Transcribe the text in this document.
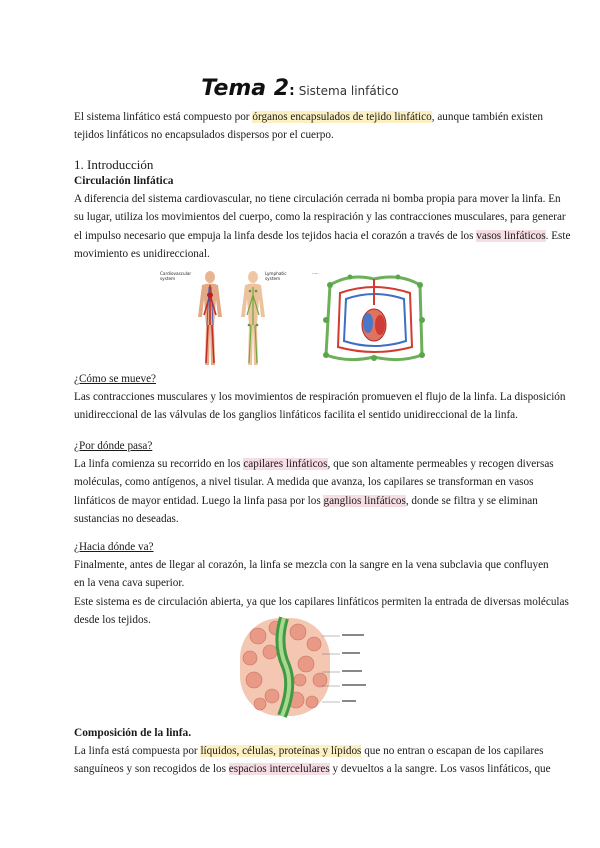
Tema 2: Sistema linfático
El sistema linfático está compuesto por órganos encapsulados de tejido linfático, aunque también existen
tejidos linfáticos no encapsulados dispersos por el cuerpo.
1. Introducción
Circulación linfática
A diferencia del sistema cardiovascular, no tiene circulación cerrada ni bomba propia para mover la linfa. En
su lugar, utiliza los movimientos del cuerpo, como la respiración y las contracciones musculares, para generar
el impulso necesario que empuja la linfa desde los tejidos hacia el corazón a través de los vasos linfáticos. Este
movimiento es unidireccional.
Cardiovascular
system
Lymphatic
system
·····
¿Cómo se mueve?
Las contracciones musculares y los movimientos de respiración promueven el flujo de la linfa. La disposición
unidireccional de las válvulas de los ganglios linfáticos facilita el sentido unidireccional de la linfa.
¿Por dónde pasa?
La linfa comienza su recorrido en los capilares linfáticos, que son altamente permeables y recogen diversas
moléculas, como antígenos, a nivel tisular. A medida que avanza, los capilares se transforman en vasos
linfáticos de mayor entidad. Luego la linfa pasa por los ganglios linfáticos, donde se filtra y se eliminan
sustancias no deseadas.
¿Hacia dónde va?
Finalmente, antes de llegar al corazón, la linfa se mezcla con la sangre en la vena subclavia que confluyen
en la vena cava superior.
Este sistema es de circulación abierta, ya que los capilares linfáticos permiten la entrada de diversas moléculas
desde los tejidos.
Composición de la linfa.
La linfa está compuesta por líquidos, células, proteínas y lípidos que no entran o escapan de los capilares
sanguíneos y son recogidos de los espacios intercelulares y devueltos a la sangre. Los vasos linfáticos, que
